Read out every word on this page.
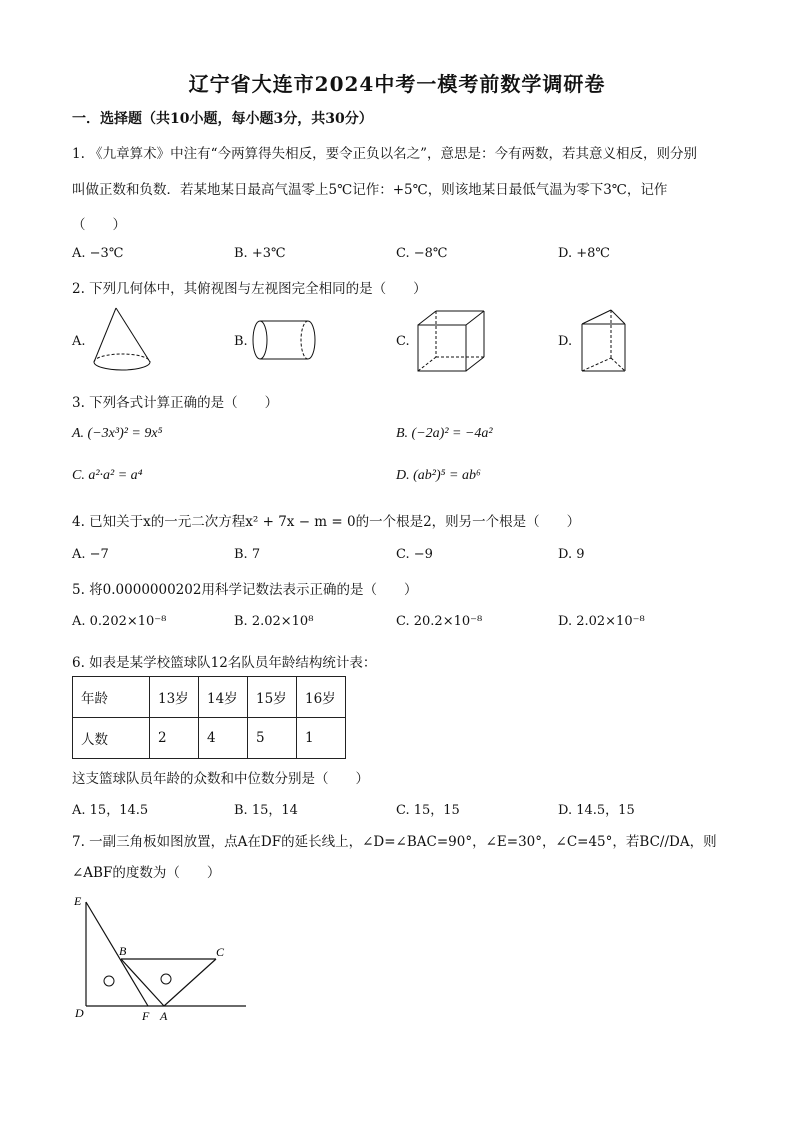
辽宁省大连市2024中考一模考前数学调研卷
一．选择题（共10小题，每小题3分，共30分）
1. 《九章算术》中注有“今两算得失相反，要令正负以名之”，意思是：今有两数，若其意义相反，则分别
叫做正数和负数．若某地某日最高气温零上5℃记作：+5℃，则该地某日最低气温为零下3℃，记作
（　　）
A. −3℃	B. +3℃	C. −8℃	D. +8℃
2. 下列几何体中，其俯视图与左视图完全相同的是（　　）
A.	B.	C.	D.
3. 下列各式计算正确的是（　　）
A. (−3x³)² = 9x⁵	B. (−2a)² = −4a²
C. a²·a² = a⁴	D. (ab²)⁵ = ab⁶
4. 已知关于x的一元二次方程x² + 7x − m = 0的一个根是2，则另一个根是（　　）
A. −7	B. 7	C. −9	D. 9
5. 将0.0000000202用科学记数法表示正确的是（　　）
A. 0.202×10⁻⁸	B. 2.02×10⁸	C. 20.2×10⁻⁸	D. 2.02×10⁻⁸
6. 如表是某学校篮球队12名队员年龄结构统计表：
年龄	13岁	14岁	15岁	16岁
人数	2	4	5	1
这支篮球队员年龄的众数和中位数分别是（　　）
A. 15，14.5	B. 15，14	C. 15，15	D. 14.5，15
7. 一副三角板如图放置，点A在DF的延长线上，∠D=∠BAC=90°，∠E=30°，∠C=45°，若BC//DA，则
∠ABF的度数为（　　）
E
B	C
D	F A
